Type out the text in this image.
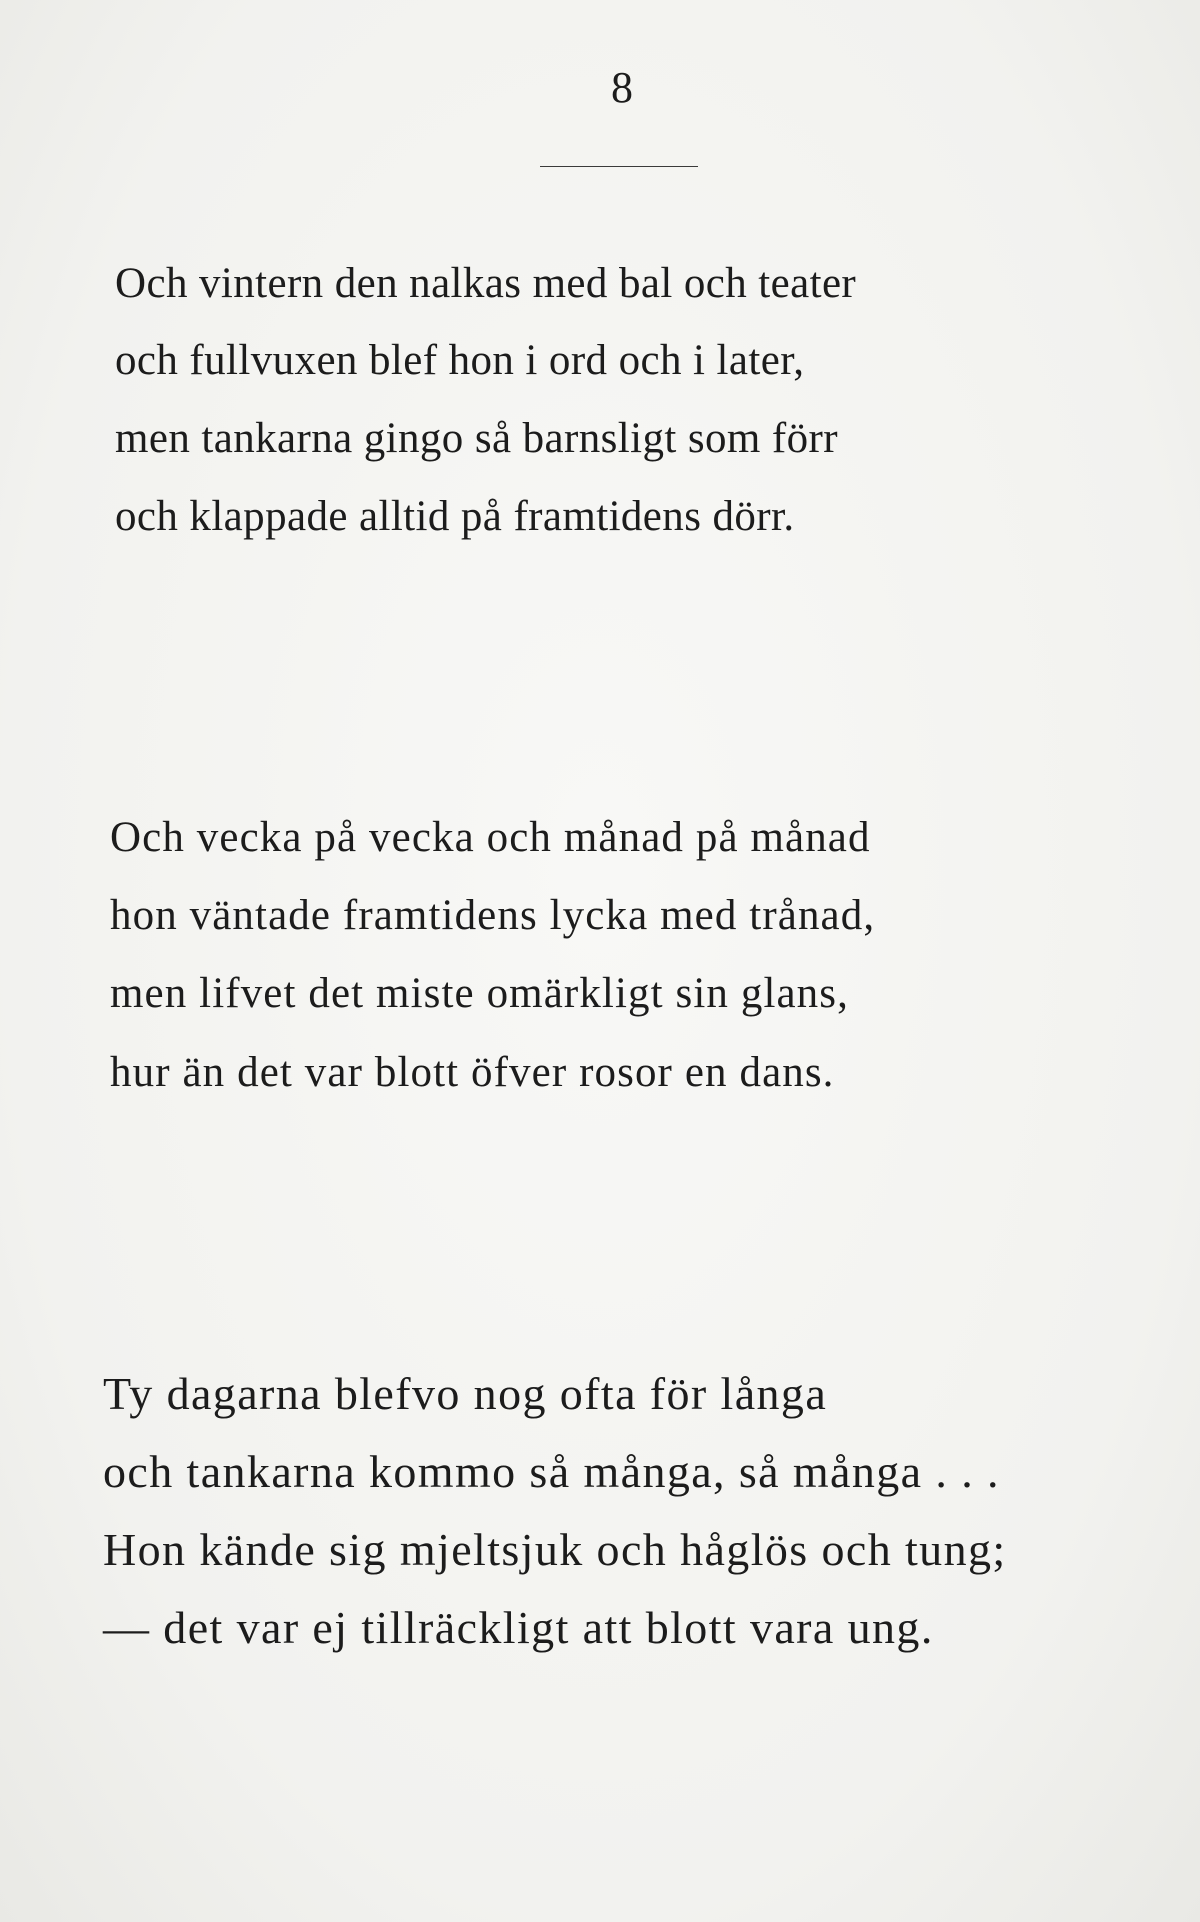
8
Och vintern den nalkas med bal och teater
och fullvuxen blef hon i ord och i later,
men tankarna gingo så barnsligt som förr
och klappade alltid på framtidens dörr.
Och vecka på vecka och månad på månad
hon väntade framtidens lycka med trånad,
men lifvet det miste omärkligt sin glans,
hur än det var blott öfver rosor en dans.
Ty dagarna blefvo nog ofta för långa
och tankarna kommo så många, så många . . .
Hon kände sig mjeltsjuk och håglös och tung;
— det var ej tillräckligt att blott vara ung.
